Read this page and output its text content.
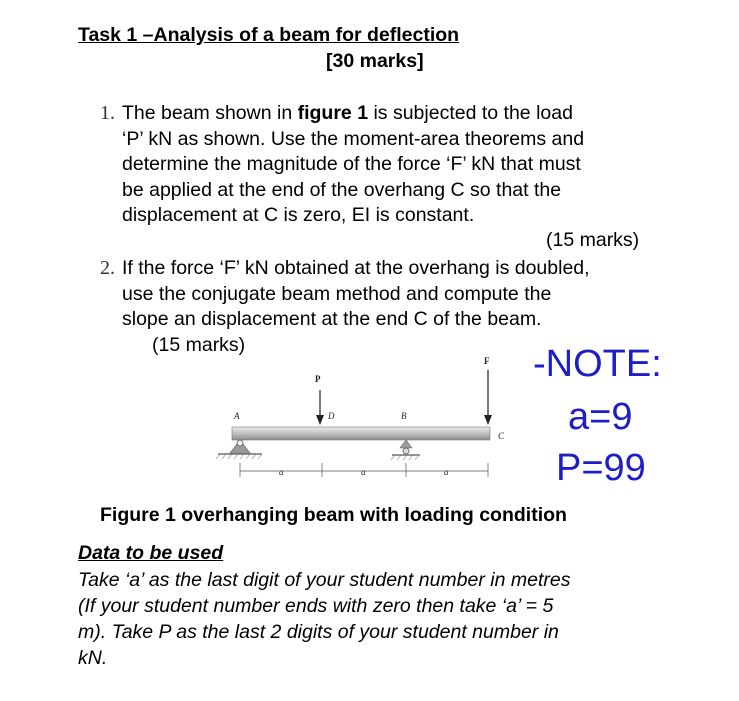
Task 1 –Analysis of a beam for deflection
[30 marks]
1. The beam shown in figure 1 is subjected to the load
‘P’ kN as shown. Use the moment-area theorems and
determine the magnitude of the force ‘F’ kN that must
be applied at the end of the overhang C so that the
displacement at C is zero, EI is constant.
(15 marks)
2. If the force ‘F’ kN obtained at the overhang is doubled,
use the conjugate beam method and compute the
slope an displacement at the end C of the beam.
(15 marks)	-NOTE:
a=9
P=99
P
F
A	D	B
C
a	a	a
Figure 1 overhanging beam with loading condition
Data to be used
Take ‘a’ as the last digit of your student number in metres
(If your student number ends with zero then take ‘a’ = 5
m). Take P as the last 2 digits of your student number in
kN.
